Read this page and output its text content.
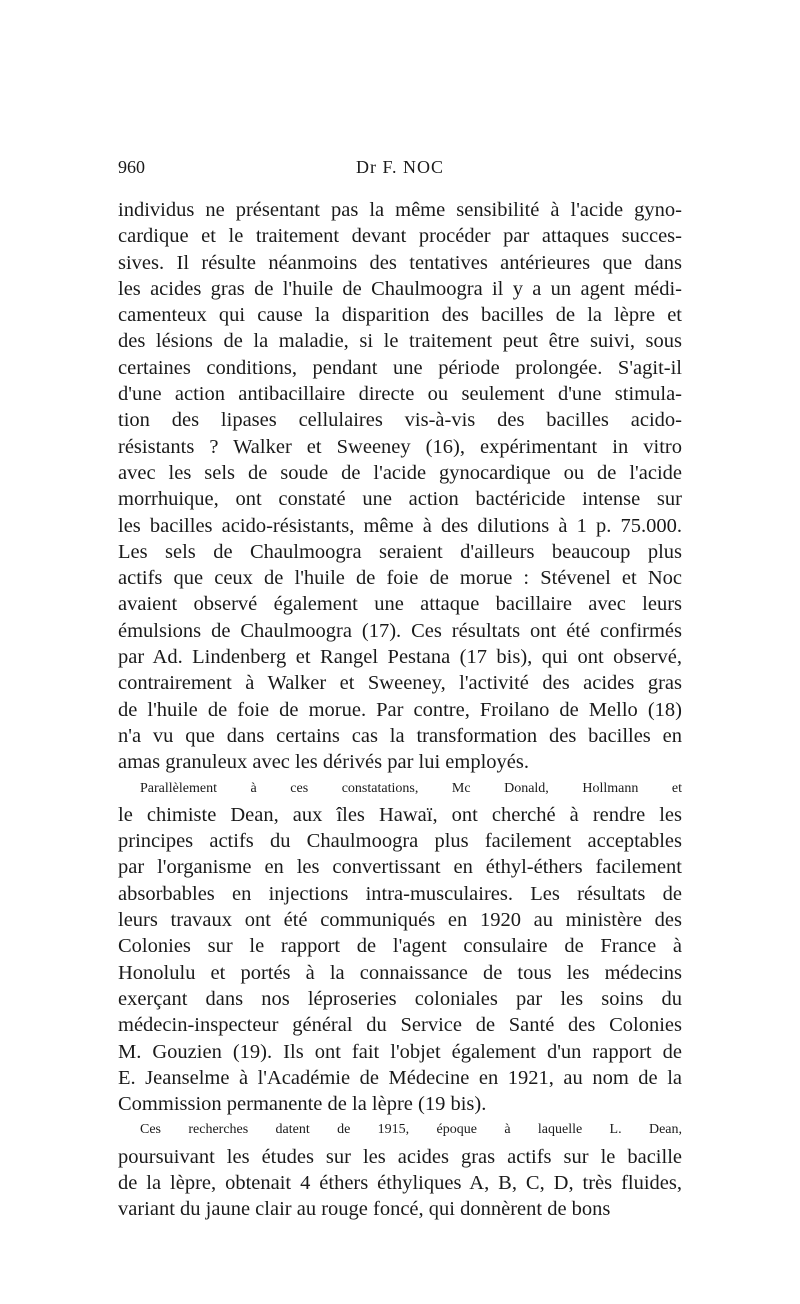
960	Dr F. NOC
individus ne présentant pas la même sensibilité à l'acide gyno-
cardique et le traitement devant procéder par attaques succes-
sives. Il résulte néanmoins des tentatives antérieures que dans
les acides gras de l'huile de Chaulmoogra il y a un agent médi-
camenteux qui cause la disparition des bacilles de la lèpre et
des lésions de la maladie, si le traitement peut être suivi, sous
certaines conditions, pendant une période prolongée. S'agit-il
d'une action antibacillaire directe ou seulement d'une stimula-
tion des lipases cellulaires vis-à-vis des bacilles acido-
résistants ? Walker et Sweeney (16), expérimentant in vitro
avec les sels de soude de l'acide gynocardique ou de l'acide
morrhuique, ont constaté une action bactéricide intense sur
les bacilles acido-résistants, même à des dilutions à 1 p. 75.000.
Les sels de Chaulmoogra seraient d'ailleurs beaucoup plus
actifs que ceux de l'huile de foie de morue : Stévenel et Noc
avaient observé également une attaque bacillaire avec leurs
émulsions de Chaulmoogra (17). Ces résultats ont été confirmés
par Ad. Lindenberg et Rangel Pestana (17 bis), qui ont observé,
contrairement à Walker et Sweeney, l'activité des acides gras
de l'huile de foie de morue. Par contre, Froilano de Mello (18)
n'a vu que dans certains cas la transformation des bacilles en
amas granuleux avec les dérivés par lui employés.
Parallèlement à ces constatations, Mc Donald, Hollmann et
le chimiste Dean, aux îles Hawaï, ont cherché à rendre les
principes actifs du Chaulmoogra plus facilement acceptables
par l'organisme en les convertissant en éthyl-éthers facilement
absorbables en injections intra-musculaires. Les résultats de
leurs travaux ont été communiqués en 1920 au ministère des
Colonies sur le rapport de l'agent consulaire de France à
Honolulu et portés à la connaissance de tous les médecins
exerçant dans nos léproseries coloniales par les soins du
médecin-inspecteur général du Service de Santé des Colonies
M. Gouzien (19). Ils ont fait l'objet également d'un rapport de
E. Jeanselme à l'Académie de Médecine en 1921, au nom de la
Commission permanente de la lèpre (19 bis).
Ces recherches datent de 1915, époque à laquelle L. Dean,
poursuivant les études sur les acides gras actifs sur le bacille
de la lèpre, obtenait 4 éthers éthyliques A, B, C, D, très fluides,
variant du jaune clair au rouge foncé, qui donnèrent de bons
